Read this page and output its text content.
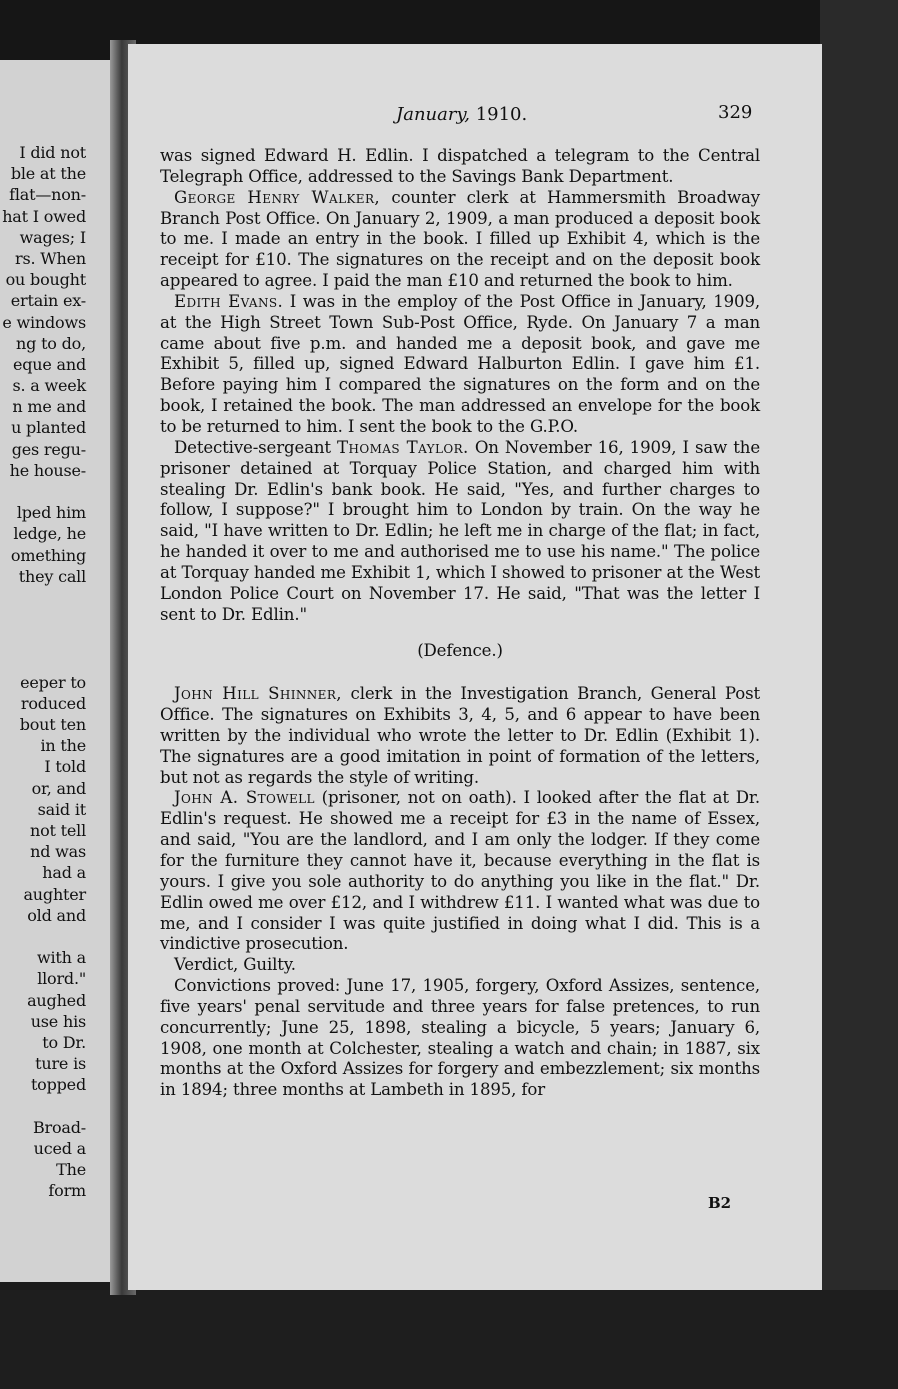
I did not
ble at the
flat—non-
hat I owed
wages; I
rs. When
ou bought
ertain ex-
e windows
ng to do,
eque and
s. a week
n me and
u planted
ges regu-
he house-
lped him
ledge, he
omething
they call
eeper to
roduced
bout ten
in the
I told
or, and
said it
not tell
nd was
had a
aughter
old and
with a
llord."
aughed
use his
to Dr.
ture is
topped
Broad-
uced a
The
form
January, 1910.	329

was signed Edward H. Edlin. I dispatched a telegram to the Central Telegraph Office, addressed to the Savings Bank Department.

George Henry Walker, counter clerk at Hammersmith Broadway Branch Post Office. On January 2, 1909, a man produced a deposit book to me. I made an entry in the book. I filled up Exhibit 4, which is the receipt for £10. The signatures on the receipt and on the deposit book appeared to agree. I paid the man £10 and returned the book to him.

Edith Evans. I was in the employ of the Post Office in January, 1909, at the High Street Town Sub-Post Office, Ryde. On January 7 a man came about five p.m. and handed me a deposit book, and gave me Exhibit 5, filled up, signed Edward Halburton Edlin. I gave him £1. Before paying him I compared the signatures on the form and on the book, I retained the book. The man addressed an envelope for the book to be returned to him. I sent the book to the G.P.O.

Detective-sergeant Thomas Taylor. On November 16, 1909, I saw the prisoner detained at Torquay Police Station, and charged him with stealing Dr. Edlin's bank book. He said, "Yes, and further charges to follow, I suppose?" I brought him to London by train. On the way he said, "I have written to Dr. Edlin; he left me in charge of the flat; in fact, he handed it over to me and authorised me to use his name." The police at Torquay handed me Exhibit 1, which I showed to prisoner at the West London Police Court on November 17. He said, "That was the letter I sent to Dr. Edlin."

(Defence.)

John Hill Shinner, clerk in the Investigation Branch, General Post Office. The signatures on Exhibits 3, 4, 5, and 6 appear to have been written by the individual who wrote the letter to Dr. Edlin (Exhibit 1). The signatures are a good imitation in point of formation of the letters, but not as regards the style of writing.

John A. Stowell (prisoner, not on oath). I looked after the flat at Dr. Edlin's request. He showed me a receipt for £3 in the name of Essex, and said, "You are the landlord, and I am only the lodger. If they come for the furniture they cannot have it, because everything in the flat is yours. I give you sole authority to do anything you like in the flat." Dr. Edlin owed me over £12, and I withdrew £11. I wanted what was due to me, and I consider I was quite justified in doing what I did. This is a vindictive prosecution.

Verdict, Guilty.

Convictions proved: June 17, 1905, forgery, Oxford Assizes, sentence, five years' penal servitude and three years for false pretences, to run concurrently; June 25, 1898, stealing a bicycle, 5 years; January 6, 1908, one month at Colchester, stealing a watch and chain; in 1887, six months at the Oxford Assizes for forgery and embezzlement; six months in 1894; three months at Lambeth in 1895, for

B2
